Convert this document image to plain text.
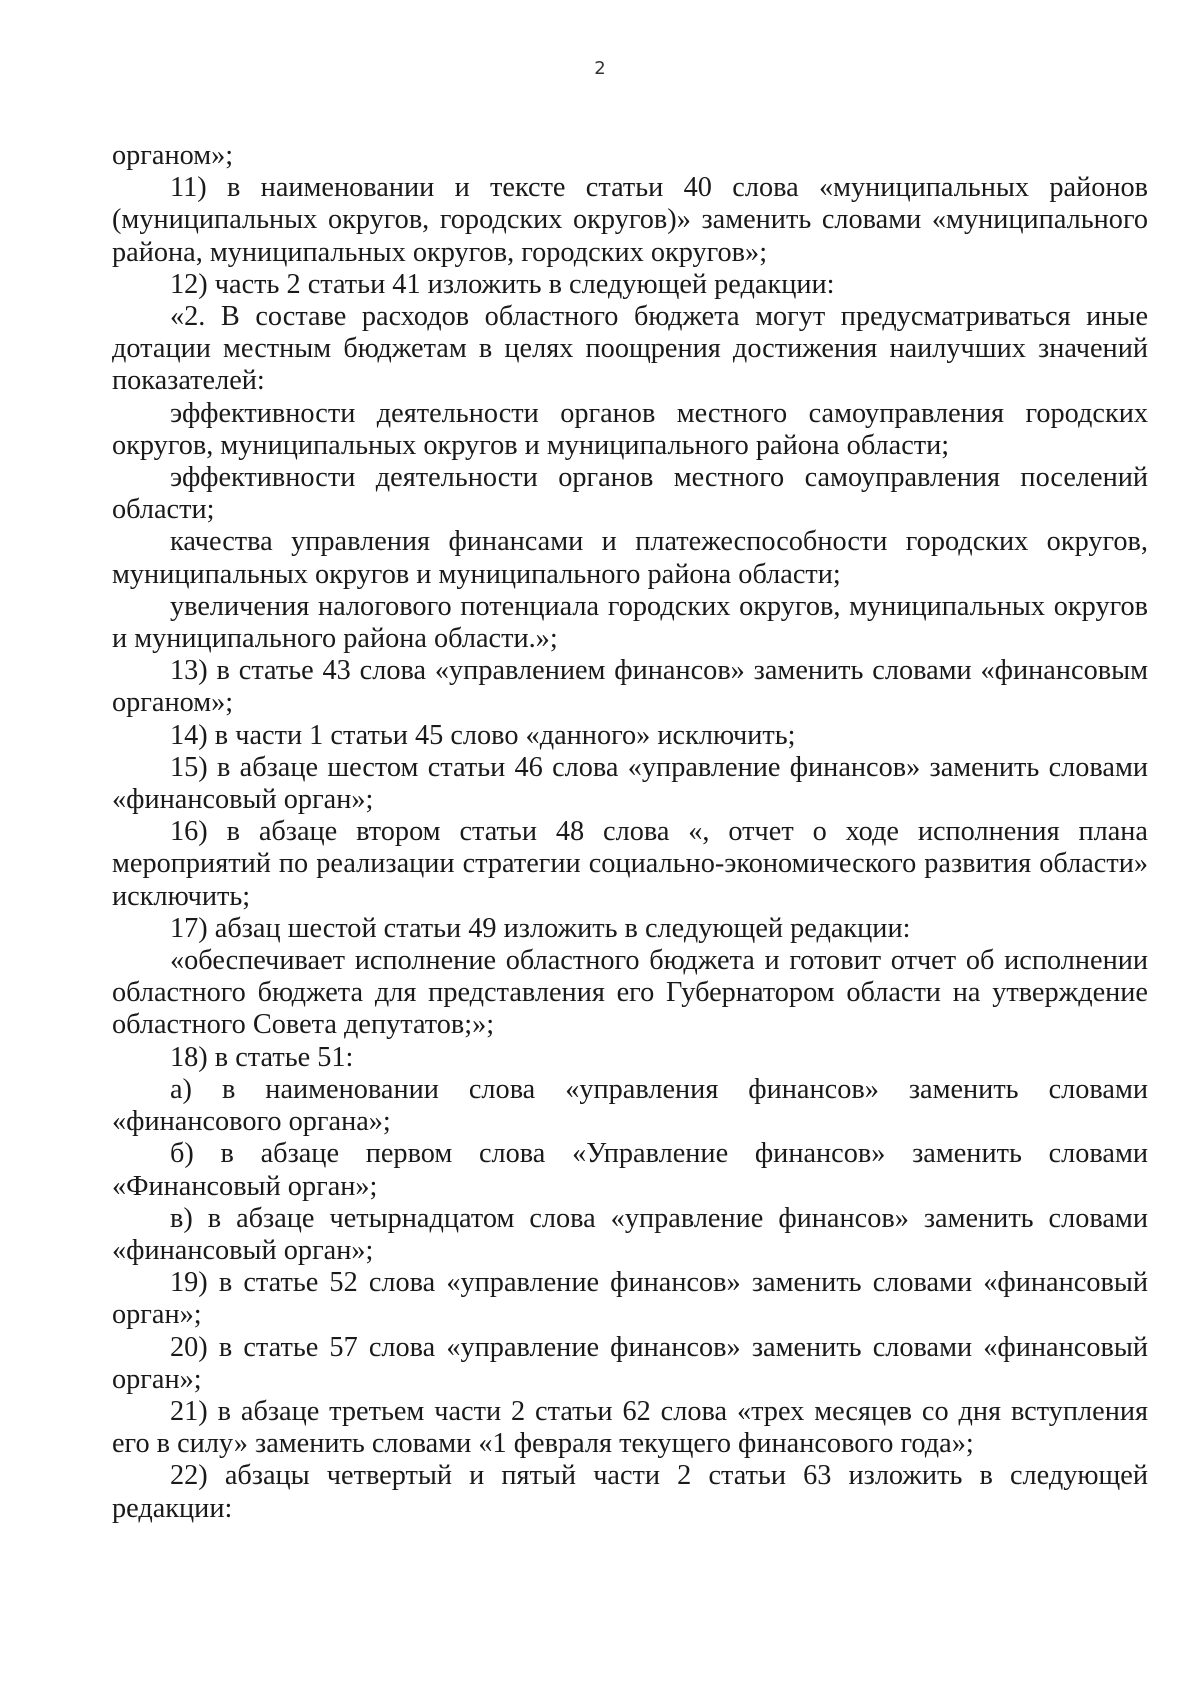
2

органом»;

11) в наименовании и тексте статьи 40 слова «муниципальных районов (муниципальных округов, городских округов)» заменить словами «муниципального района, муниципальных округов, городских округов»;

12) часть 2 статьи 41 изложить в следующей редакции:

«2. В составе расходов областного бюджета могут предусматриваться иные дотации местным бюджетам в целях поощрения достижения наилучших значений показателей:

эффективности деятельности органов местного самоуправления городских округов, муниципальных округов и муниципального района области;

эффективности деятельности органов местного самоуправления поселений области;

качества управления финансами и платежеспособности городских округов, муниципальных округов и муниципального района области;

увеличения налогового потенциала городских округов, муниципальных округов и муниципального района области.»;

13) в статье 43 слова «управлением финансов» заменить словами «финансовым органом»;

14) в части 1 статьи 45 слово «данного» исключить;

15) в абзаце шестом статьи 46 слова «управление финансов» заменить словами «финансовый орган»;

16) в абзаце втором статьи 48 слова «, отчет о ходе исполнения плана мероприятий по реализации стратегии социально-экономического развития области» исключить;

17) абзац шестой статьи 49 изложить в следующей редакции:

«обеспечивает исполнение областного бюджета и готовит отчет об исполнении областного бюджета для представления его Губернатором области на утверждение областного Совета депутатов;»;

18) в статье 51:

а) в наименовании слова «управления финансов» заменить словами «финансового органа»;

б) в абзаце первом слова «Управление финансов» заменить словами «Финансовый орган»;

в) в абзаце четырнадцатом слова «управление финансов» заменить словами «финансовый орган»;

19) в статье 52 слова «управление финансов» заменить словами «финансовый орган»;

20) в статье 57 слова «управление финансов» заменить словами «финансовый орган»;

21) в абзаце третьем части 2 статьи 62 слова «трех месяцев со дня вступления его в силу» заменить словами «1 февраля текущего финансового года»;

22) абзацы четвертый и пятый части 2 статьи 63 изложить в следующей редакции:
